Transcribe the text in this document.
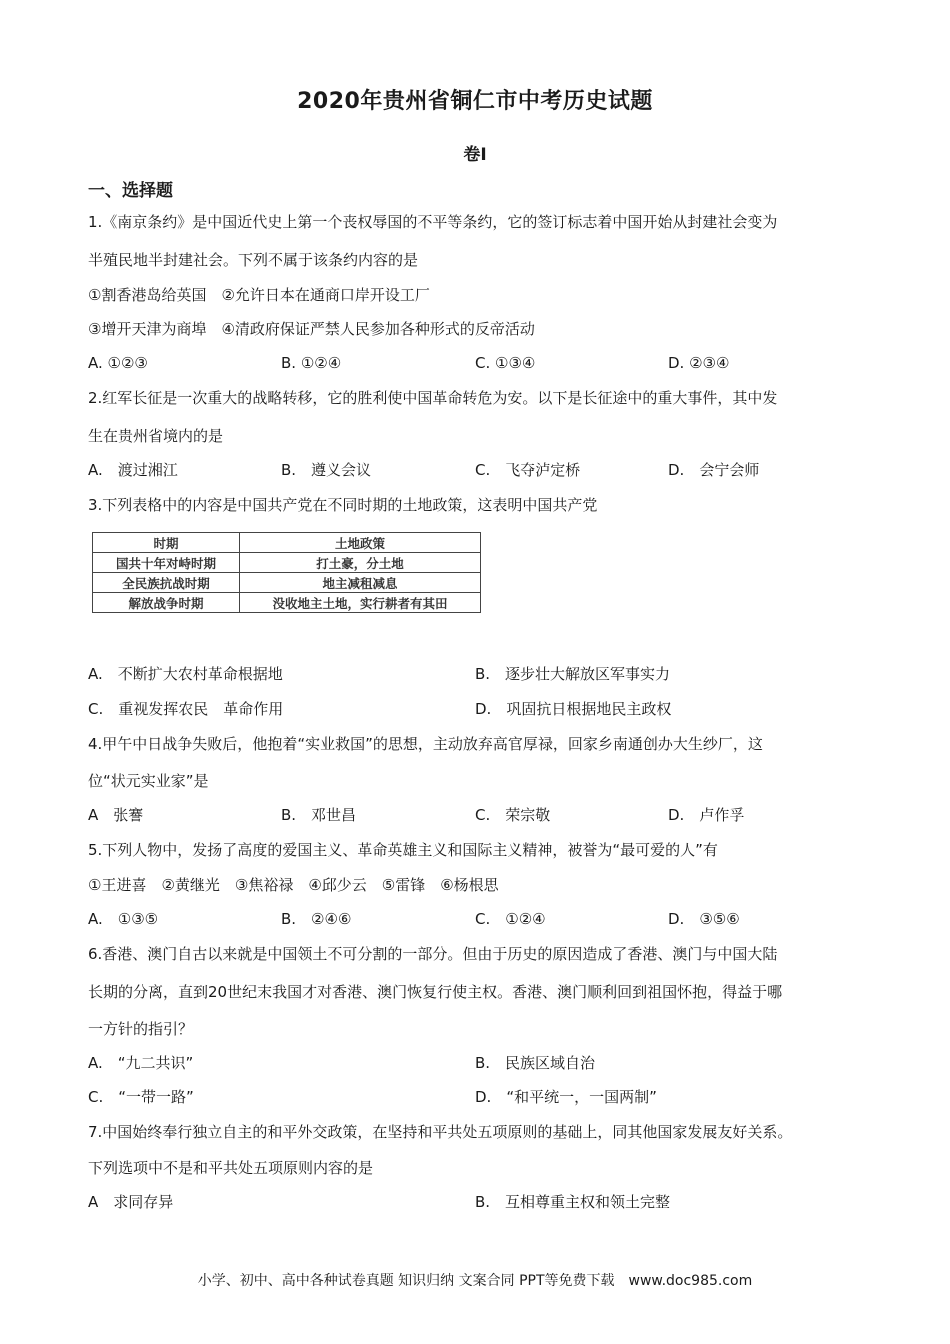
2020年贵州省铜仁市中考历史试题
卷Ⅰ
一、选择题
1.《南京条约》是中国近代史上第一个丧权辱国的不平等条约，它的签订标志着中国开始从封建社会变为
半殖民地半封建社会。下列不属于该条约内容的是
①割香港岛给英国　②允许日本在通商口岸开设工厂
③增开天津为商埠　④清政府保证严禁人民参加各种形式的反帝活动
A. ①②③	B. ①②④	C. ①③④	D. ②③④
2.红军长征是一次重大的战略转移，它的胜利使中国革命转危为安。以下是长征途中的重大事件，其中发
生在贵州省境内的是
A.　渡过湘江	B.　遵义会议	C.　飞夺泸定桥	D.　会宁会师
3.下列表格中的内容是中国共产党在不同时期的土地政策，这表明中国共产党
时期	土地政策
国共十年对峙时期	打土豪，分土地
全民族抗战时期	地主减租减息
解放战争时期	没收地主土地，实行耕者有其田
A.　不断扩大农村革命根据地	B.　逐步壮大解放区军事实力
C.　重视发挥农民　革命作用	D.　巩固抗日根据地民主政权
4.甲午中日战争失败后，他抱着“实业救国”的思想，主动放弃高官厚禄，回家乡南通创办大生纱厂，这
位“状元实业家”是
A　张謇	B.　邓世昌	C.　荣宗敬	D.　卢作孚
5.下列人物中，发扬了高度的爱国主义、革命英雄主义和国际主义精神，被誉为“最可爱的人”有
①王进喜　②黄继光　③焦裕禄　④邱少云　⑤雷锋　⑥杨根思
A.　①③⑤	B.　②④⑥	C.　①②④	D.　③⑤⑥
6.香港、澳门自古以来就是中国领土不可分割的一部分。但由于历史的原因造成了香港、澳门与中国大陆
长期的分离，直到20世纪末我国才对香港、澳门恢复行使主权。香港、澳门顺利回到祖国怀抱，得益于哪
一方针的指引？
A.　“九二共识”	B.　民族区域自治
C.　“一带一路”	D.　“和平统一，一国两制”
7.中国始终奉行独立自主的和平外交政策，在坚持和平共处五项原则的基础上，同其他国家发展友好关系。
下列选项中不是和平共处五项原则内容的是
A　求同存异	B.　互相尊重主权和领土完整
小学、初中、高中各种试卷真题 知识归纳 文案合同 PPT等免费下载　www.doc985.com
